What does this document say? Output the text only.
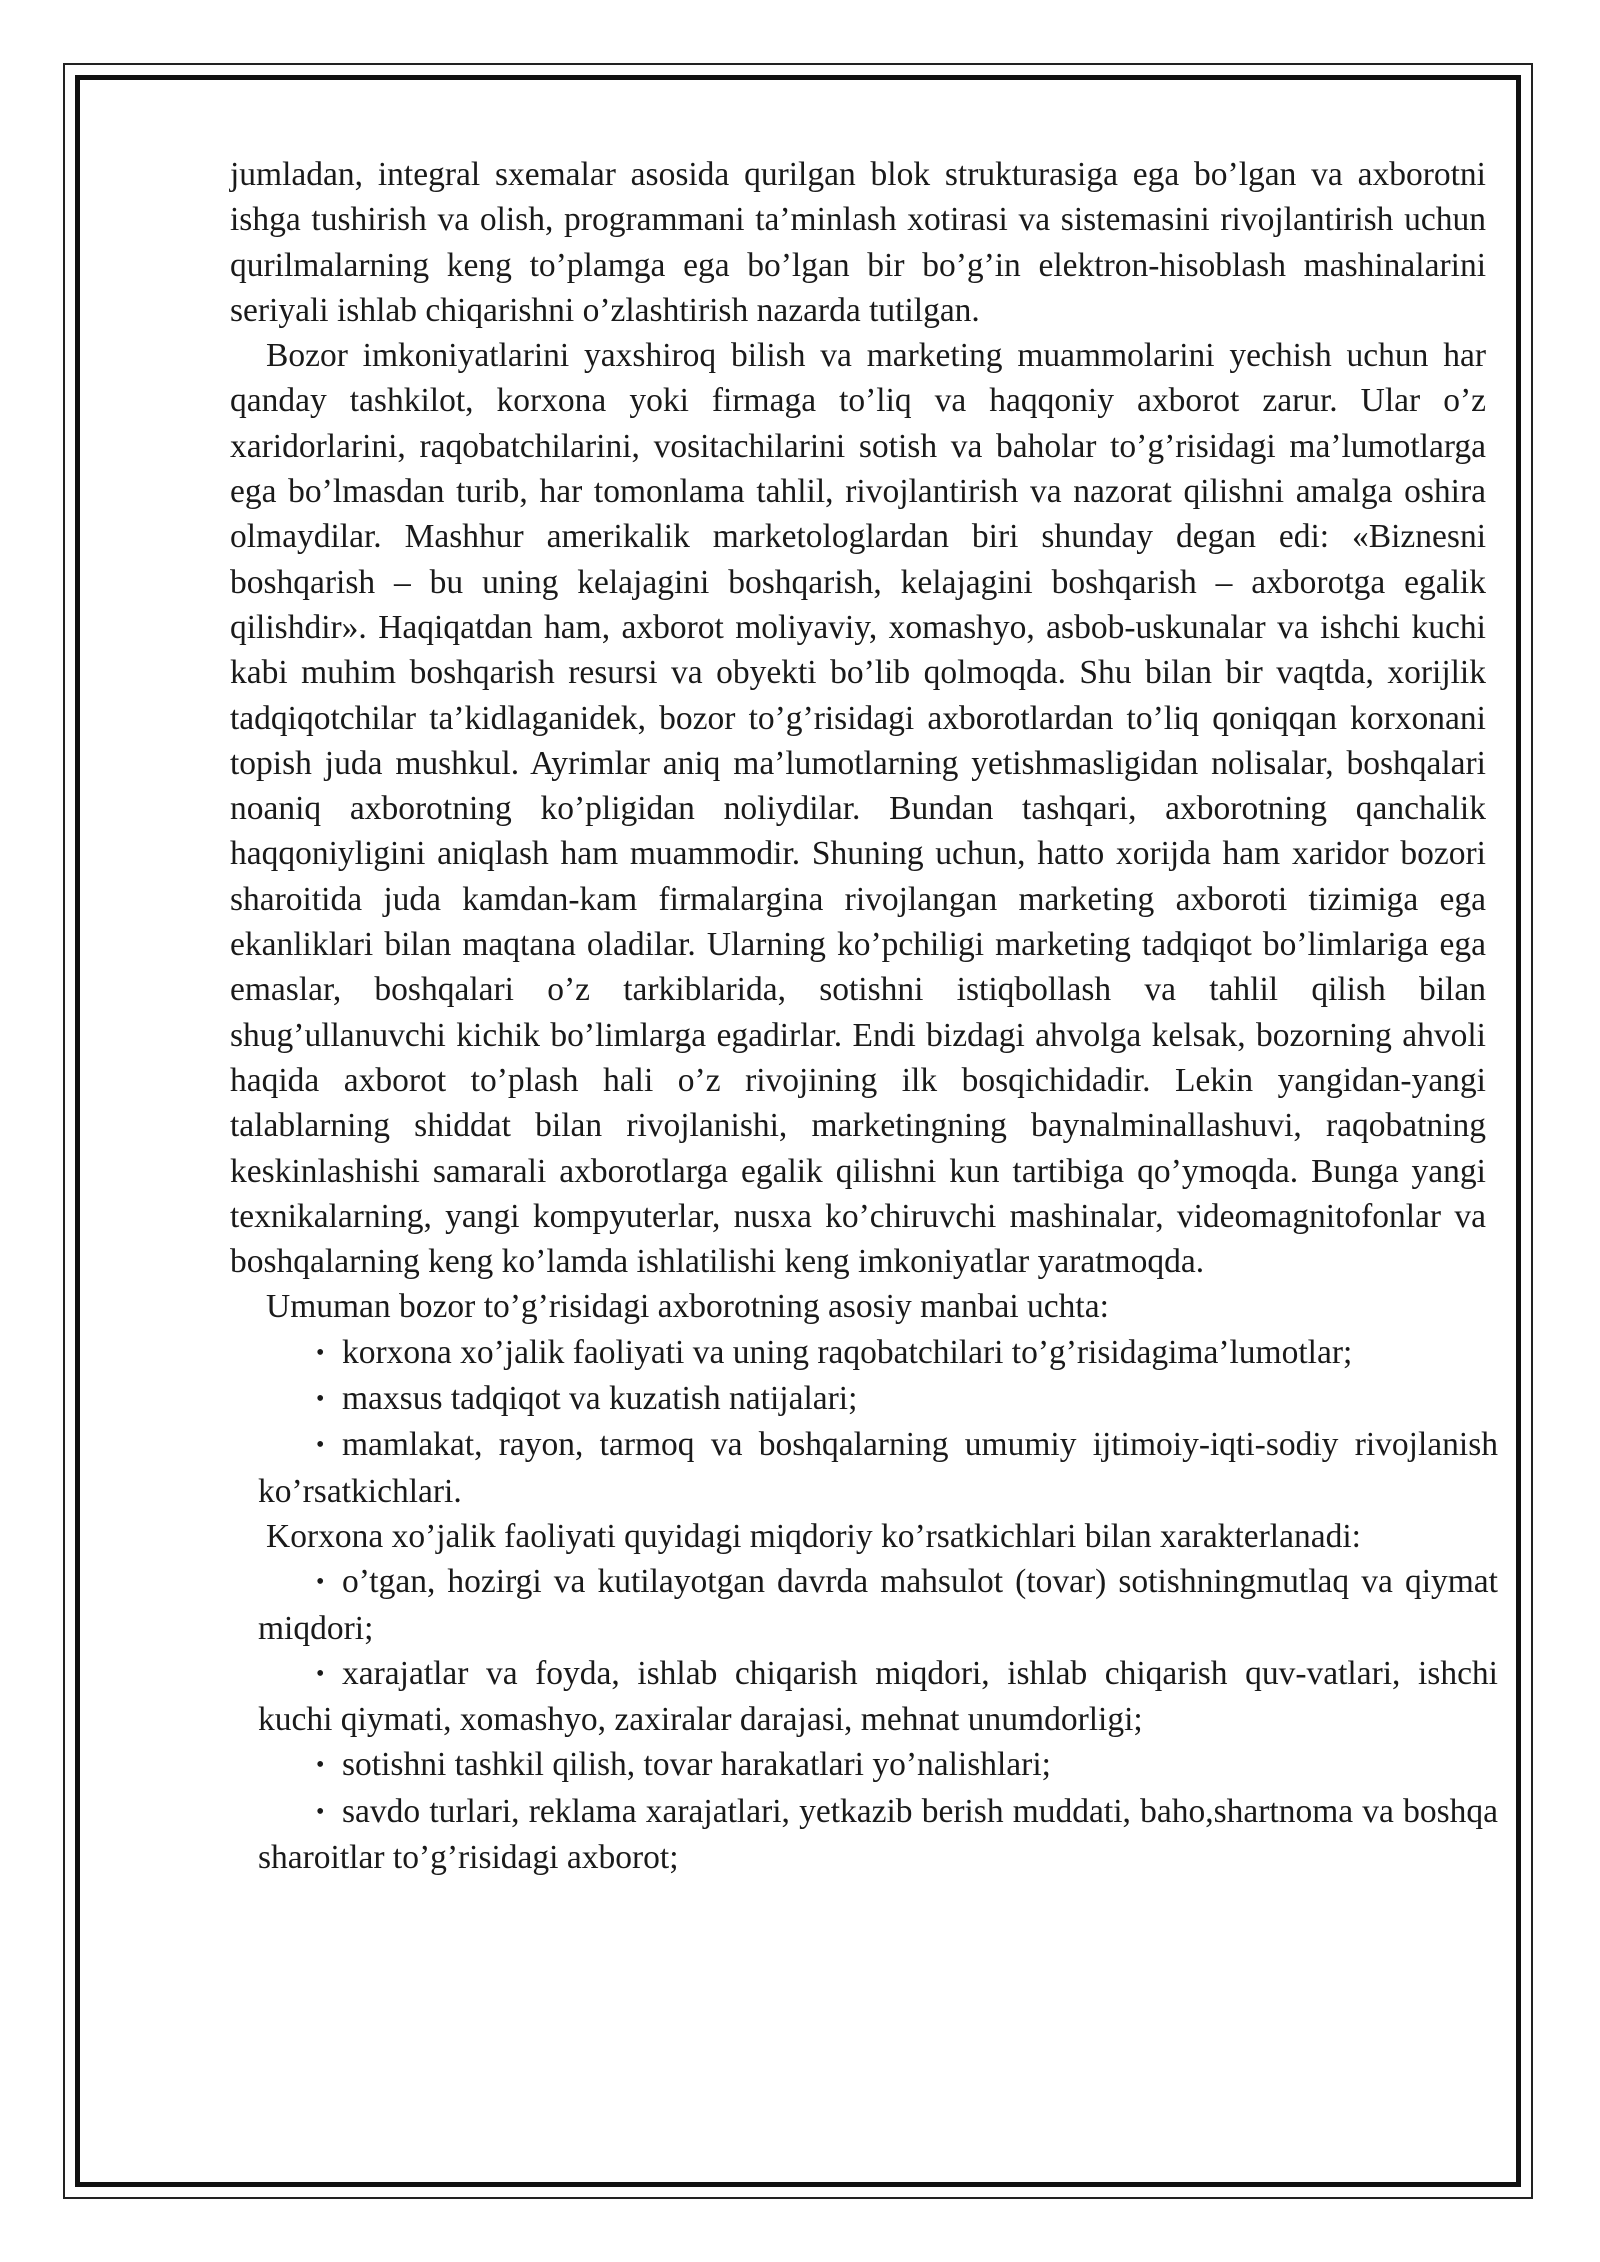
jumladan, integral sxemalar asosida qurilgan blok strukturasiga ega bo’lgan va axborotni ishga tushirish va olish, programmani ta’minlash xotirasi va sistemasini rivojlantirish uchun qurilmalarning keng to’plamga ega bo’lgan bir bo’g’in elektron-hisoblash mashinalarini seriyali ishlab chiqarishni o’zlashtirish nazarda tutilgan.

Bozor imkoniyatlarini yaxshiroq bilish va marketing muammolarini yechish uchun har qanday tashkilot, korxona yoki firmaga to’liq va haqqoniy axborot zarur. Ular o’z xaridorlarini, raqobatchilarini, vositachilarini sotish va baholar to’g’risidagi ma’lumotlarga ega bo’lmasdan turib, har tomonlama tahlil, rivojlantirish va nazorat qilishni amalga oshira olmaydilar. Mashhur amerikalik marketologlardan biri shunday degan edi: «Biznesni boshqarish – bu uning kelajagini boshqarish, kelajagini boshqarish – axborotga egalik qilishdir». Haqiqatdan ham, axborot moliyaviy, xomashyo, asbob-uskunalar va ishchi kuchi kabi muhim boshqarish resursi va obyekti bo’lib qolmoqda. Shu bilan bir vaqtda, xorijlik tadqiqotchilar ta’kidlaganidek, bozor to’g’risidagi axborotlardan to’liq qoniqqan korxonani topish juda mushkul. Ayrimlar aniq ma’lumotlarning yetishmasligidan nolisalar, boshqalari noaniq axborotning ko’pligidan noliydilar. Bundan tashqari, axborotning qanchalik haqqoniyligini aniqlash ham muammodir. Shuning uchun, hatto xorijda ham xaridor bozori sharoitida juda kamdan-kam firmalargina rivojlangan marketing axboroti tizimiga ega ekanliklari bilan maqtana oladilar. Ularning ko’pchiligi marketing tadqiqot bo’limlariga ega emaslar, boshqalari o’z tarkiblarida, sotishni istiqbollash va tahlil qilish bilan shug’ullanuvchi kichik bo’limlarga egadirlar. Endi bizdagi ahvolga kelsak, bozorning ahvoli haqida axborot to’plash hali o’z rivojining ilk bosqichidadir. Lekin yangidan-yangi talablarning shiddat bilan rivojlanishi, marketingning baynalminallashuvi, raqobatning keskinlashishi samarali axborotlarga egalik qilishni kun tartibiga qo’ymoqda. Bunga yangi texnikalarning, yangi kompyuterlar, nusxa ko’chiruvchi mashinalar, videomagnitofonlar va boshqalarning keng ko’lamda ishlatilishi keng imkoniyatlar yaratmoqda.

Umuman bozor to’g’risidagi axborotning asosiy manbai uchta:

• korxona xo’jalik faoliyati va uning raqobatchilari to’g’risidagima’lumotlar;

• maxsus tadqiqot va kuzatish natijalari;

• mamlakat, rayon, tarmoq va boshqalarning umumiy ijtimoiy-iqti-sodiy rivojlanish ko’rsatkichlari.

Korxona xo’jalik faoliyati quyidagi miqdoriy ko’rsatkichlari bilan xarakterlanadi:

• o’tgan, hozirgi va kutilayotgan davrda mahsulot (tovar) sotishningmutlaq va qiymat miqdori;

• xarajatlar va foyda, ishlab chiqarish miqdori, ishlab chiqarish quv-vatlari, ishchi kuchi qiymati, xomashyo, zaxiralar darajasi, mehnat unumdorligi;

• sotishni tashkil qilish, tovar harakatlari yo’nalishlari;

• savdo turlari, reklama xarajatlari, yetkazib berish muddati, baho,shartnoma va boshqa sharoitlar to’g’risidagi axborot;
